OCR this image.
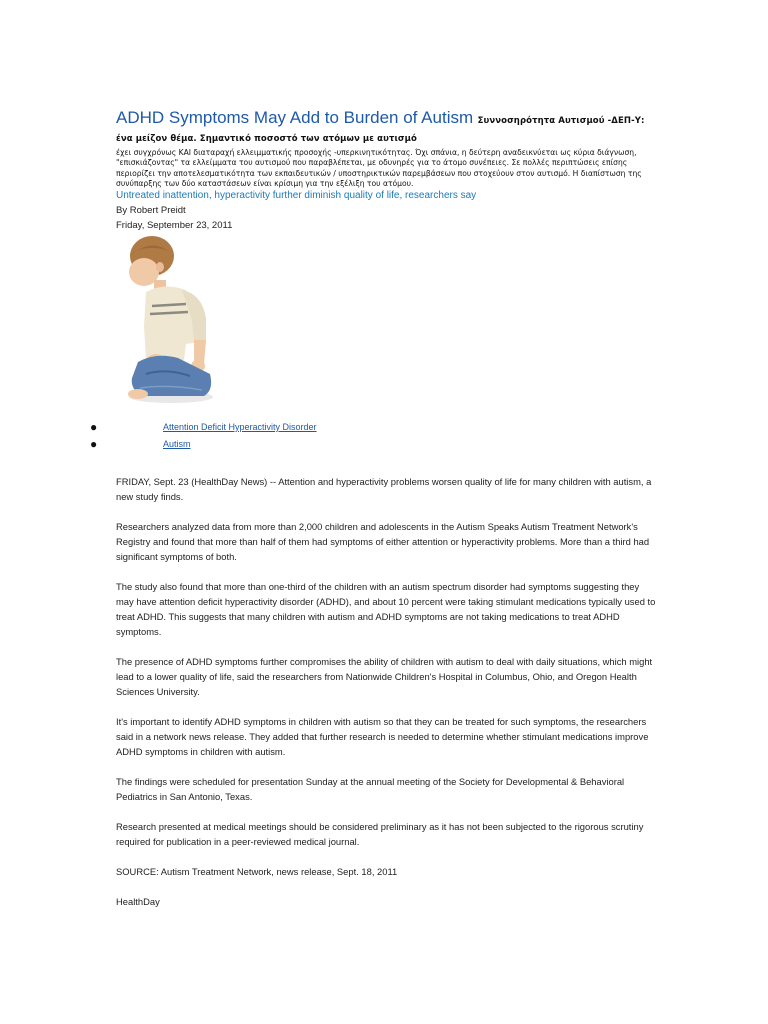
ADHD Symptoms May Add to Burden of Autism Συννοσηρότητα Αυτισμού -ΔΕΠ-Υ: ένα μείζον θέμα. Σημαντικό ποσοστό των ατόμων με αυτισμό
έχει συγχρόνως ΚΑΙ διαταραχή ελλειμματικής προσοχής -υπερκινητικότητας. Όχι σπάνια, η δεύτερη αναδεικνύεται ως κύρια διάγνωση, "επισκιάζοντας" τα ελλείμματα του αυτισμού που παραβλέπεται, με οδυνηρές για το άτομο συνέπειες. Σε πολλές περιπτώσεις επίσης περιορίζει την αποτελεσματικότητα των εκπαιδευτικών / υποστηρικτικών παρεμβάσεων που στοχεύουν στον αυτισμό. Η διαπίστωση της συνύπαρξης των δύο καταστάσεων είναι κρίσιμη για την εξέλιξη του ατόμου.
Untreated inattention, hyperactivity further diminish quality of life, researchers say
By Robert Preidt
Friday, September 23, 2011
●	Attention Deficit Hyperactivity Disorder
●	Autism

FRIDAY, Sept. 23 (HealthDay News) -- Attention and hyperactivity problems worsen quality of life for many children with autism, a new study finds.

Researchers analyzed data from more than 2,000 children and adolescents in the Autism Speaks Autism Treatment Network's Registry and found that more than half of them had symptoms of either attention or hyperactivity problems. More than a third had significant symptoms of both.

The study also found that more than one-third of the children with an autism spectrum disorder had symptoms suggesting they may have attention deficit hyperactivity disorder (ADHD), and about 10 percent were taking stimulant medications typically used to treat ADHD. This suggests that many children with autism and ADHD symptoms are not taking medications to treat ADHD symptoms.

The presence of ADHD symptoms further compromises the ability of children with autism to deal with daily situations, which might lead to a lower quality of life, said the researchers from Nationwide Children's Hospital in Columbus, Ohio, and Oregon Health Sciences University.

It's important to identify ADHD symptoms in children with autism so that they can be treated for such symptoms, the researchers said in a network news release. They added that further research is needed to determine whether stimulant medications improve ADHD symptoms in children with autism.

The findings were scheduled for presentation Sunday at the annual meeting of the Society for Developmental & Behavioral Pediatrics in San Antonio, Texas.

Research presented at medical meetings should be considered preliminary as it has not been subjected to the rigorous scrutiny required for publication in a peer-reviewed medical journal.

SOURCE: Autism Treatment Network, news release, Sept. 18, 2011

HealthDay
